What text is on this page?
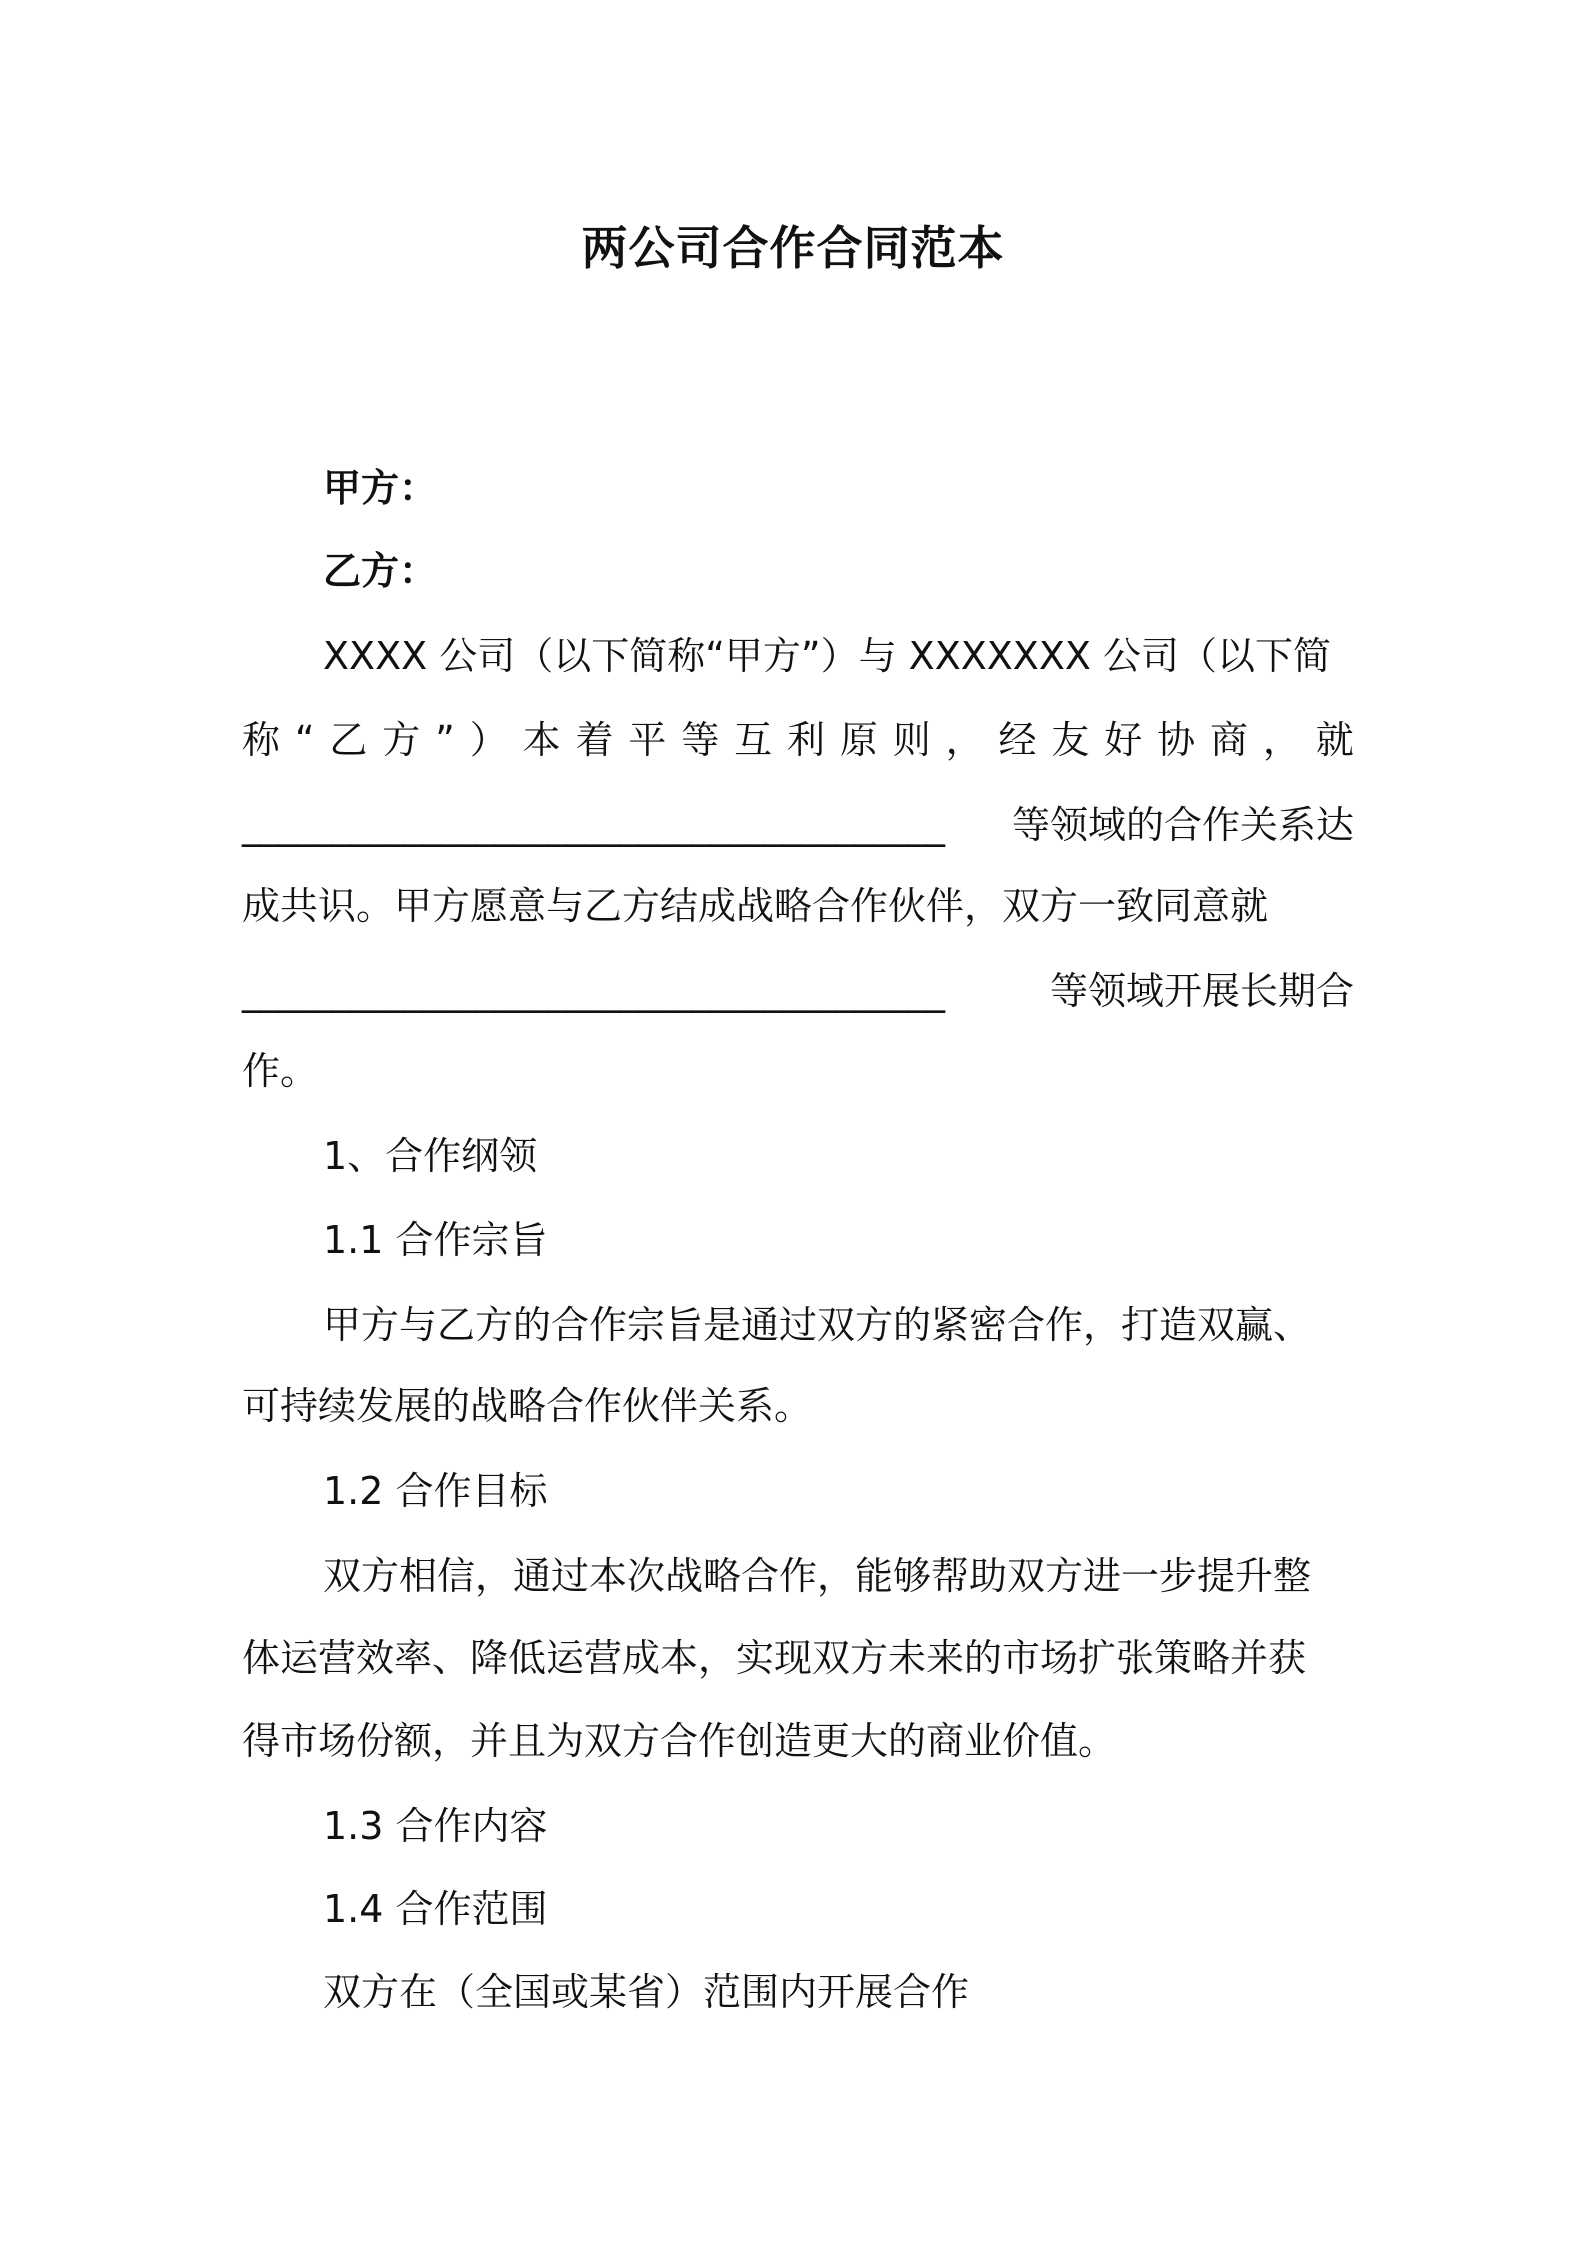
两公司合作合同范本
甲方：
乙方：
XXXX 公司（以下简称“甲方”）与 XXXXXXX 公司（以下简
称 “ 乙 方 ” ） 本 着 平 等 互 利 原 则 ， 经 友 好 协 商 ， 就
_______________________________________ 等领域的合作关系达
成共识。甲方愿意与乙方结成战略合作伙伴，双方一致同意就
_______________________________________	等领域开展长期合
作。
1、合作纲领
1.1 合作宗旨
甲方与乙方的合作宗旨是通过双方的紧密合作，打造双赢、
可持续发展的战略合作伙伴关系。
1.2 合作目标
双方相信，通过本次战略合作，能够帮助双方进一步提升整
体运营效率、降低运营成本，实现双方未来的市场扩张策略并获
得市场份额，并且为双方合作创造更大的商业价值。
1.3 合作内容
1.4 合作范围
双方在（全国或某省）范围内开展合作
